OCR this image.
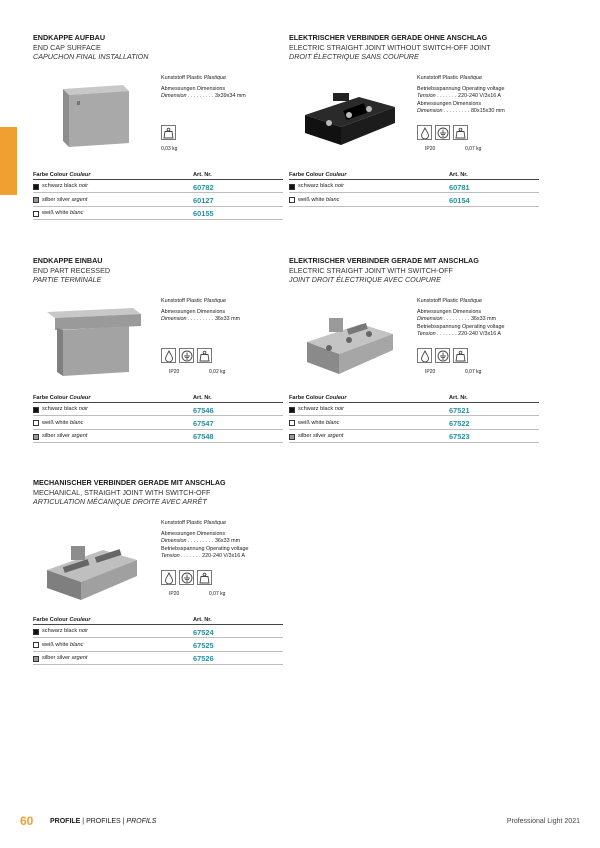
ENDKAPPE AUFBAU
END CAP SURFACE
CAPUCHON FINAL INSTALLATION
Kunststoff Plastic Plastique
Abmessungen Dimensions
Dimension . . . . . . . . . 3x39x34 mm
0,03 kg
Farbe Colour Couleur	Art. Nr.
schwarz black noir	60782
silber silver argent	60127
weiß white blanc	60155
ELEKTRISCHER VERBINDER GERADE OHNE ANSCHLAG
ELECTRIC STRAIGHT JOINT WITHOUT SWITCH-OFF JOINT
DROIT ÉLECTRIQUE SANS COUPURE
Kunststoff Plastic Plastique
Betriebsspannung Operating voltage
Tension . . . . . . . 220-240 V/3x16 A
Abmessungen Dimensions
Dimension . . . . . . . . . 80x15x30 mm
IP20	0,07 kg
Farbe Colour Couleur	Art. Nr.
schwarz black noir	60781
weiß white blanc	60154
ENDKAPPE EINBAU
END PART RECESSED
PARTIE TERMINALE
Kunststoff Plastic Plastique
Abmessungen Dimensions
Dimension . . . . . . . . . 36x33 mm
IP20	0,02 kg
Farbe Colour Couleur	Art. Nr.
schwarz black noir	67546
weiß white blanc	67547
silber silver argent	67548
ELEKTRISCHER VERBINDER GERADE MIT ANSCHLAG
ELECTRIC STRAIGHT JOINT WITH SWITCH-OFF
JOINT DROIT ÉLECTRIQUE AVEC COUPURE
Kunststoff Plastic Plastique
Abmessungen Dimensions
Dimension . . . . . . . . . 36x33 mm
Betriebsspannung Operating voltage
Tension . . . . . . . 220-240 V/3x16 A
IP20	0,07 kg
Farbe Colour Couleur	Art. Nr.
schwarz black noir	67521
weiß white blanc	67522
silber silver argent	67523
MECHANISCHER VERBINDER GERADE MIT ANSCHLAG
MECHANICAL, STRAIGHT JOINT WITH SWITCH-OFF
ARTICULATION MÉCANIQUE DROITE AVEC ARRÊT
Kunststoff Plastic Plastique
Abmessungen Dimensions
Dimension . . . . . . . . . 36x33 mm
Betriebsspannung Operating voltage
Tension . . . . . . . 220-240 V/3x16 A
IP20	0,07 kg
Farbe Colour Couleur	Art. Nr.
schwarz black noir	67524
weiß white blanc	67525
silber silver argent	67526
60 PROFILE | PROFILES | PROFILS	Professional Light 2021
